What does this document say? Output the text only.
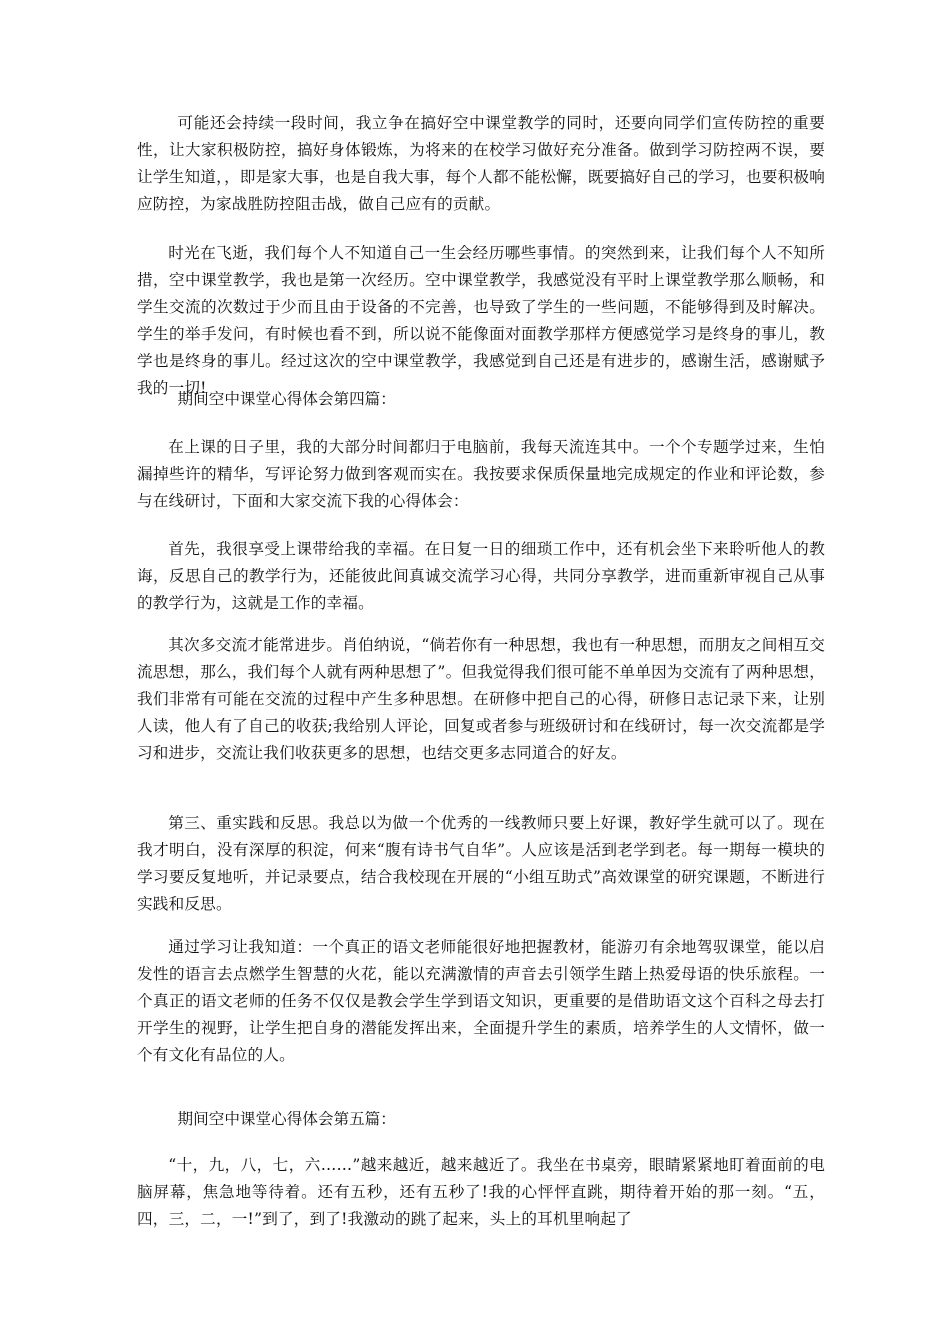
可能还会持续一段时间，我立争在搞好空中课堂教学的同时，还要向同学们宣传防控的重要性，让大家积极防控，搞好身体锻炼，为将来的在校学习做好充分准备。做到学习防控两不误，要让学生知道，，即是家大事，也是自我大事，每个人都不能松懈，既要搞好自己的学习，也要积极响应防控，为家战胜防控阻击战，做自己应有的贡献。

时光在飞逝，我们每个人不知道自己一生会经历哪些事情。的突然到来，让我们每个人不知所措，空中课堂教学，我也是第一次经历。空中课堂教学，我感觉没有平时上课堂教学那么顺畅，和学生交流的次数过于少而且由于设备的不完善，也导致了学生的一些问题，不能够得到及时解决。学生的举手发问，有时候也看不到，所以说不能像面对面教学那样方便感觉学习是终身的事儿，教学也是终身的事儿。经过这次的空中课堂教学，我感觉到自己还是有进步的，感谢生活，感谢赋予我的一切!

期间空中课堂心得体会第四篇：

在上课的日子里，我的大部分时间都归于电脑前，我每天流连其中。一个个专题学过来，生怕漏掉些许的精华，写评论努力做到客观而实在。我按要求保质保量地完成规定的作业和评论数，参与在线研讨，下面和大家交流下我的心得体会：

首先，我很享受上课带给我的幸福。在日复一日的细琐工作中，还有机会坐下来聆听他人的教诲，反思自己的教学行为，还能彼此间真诚交流学习心得，共同分享教学，进而重新审视自己从事的教学行为，这就是工作的幸福。

其次多交流才能常进步。肖伯纳说，“倘若你有一种思想，我也有一种思想，而朋友之间相互交流思想，那么，我们每个人就有两种思想了”。但我觉得我们很可能不单单因为交流有了两种思想，我们非常有可能在交流的过程中产生多种思想。在研修中把自己的心得，研修日志记录下来，让别人读，他人有了自己的收获;我给别人评论，回复或者参与班级研讨和在线研讨，每一次交流都是学习和进步，交流让我们收获更多的思想，也结交更多志同道合的好友。

第三、重实践和反思。我总以为做一个优秀的一线教师只要上好课，教好学生就可以了。现在我才明白，没有深厚的积淀，何来“腹有诗书气自华”。人应该是活到老学到老。每一期每一模块的学习要反复地听，并记录要点，结合我校现在开展的“小组互助式”高效课堂的研究课题，不断进行实践和反思。

通过学习让我知道：一个真正的语文老师能很好地把握教材，能游刃有余地驾驭课堂，能以启发性的语言去点燃学生智慧的火花，能以充满激情的声音去引领学生踏上热爱母语的快乐旅程。一个真正的语文老师的任务不仅仅是教会学生学到语文知识，更重要的是借助语文这个百科之母去打开学生的视野，让学生把自身的潜能发挥出来，全面提升学生的素质，培养学生的人文情怀，做一个有文化有品位的人。

期间空中课堂心得体会第五篇：

“十，九，八，七，六……”越来越近，越来越近了。我坐在书桌旁，眼睛紧紧地盯着面前的电脑屏幕，焦急地等待着。还有五秒，还有五秒了!我的心怦怦直跳，期待着开始的那一刻。“五，四，三，二，一!”到了，到了!我激动的跳了起来，头上的耳机里响起了
